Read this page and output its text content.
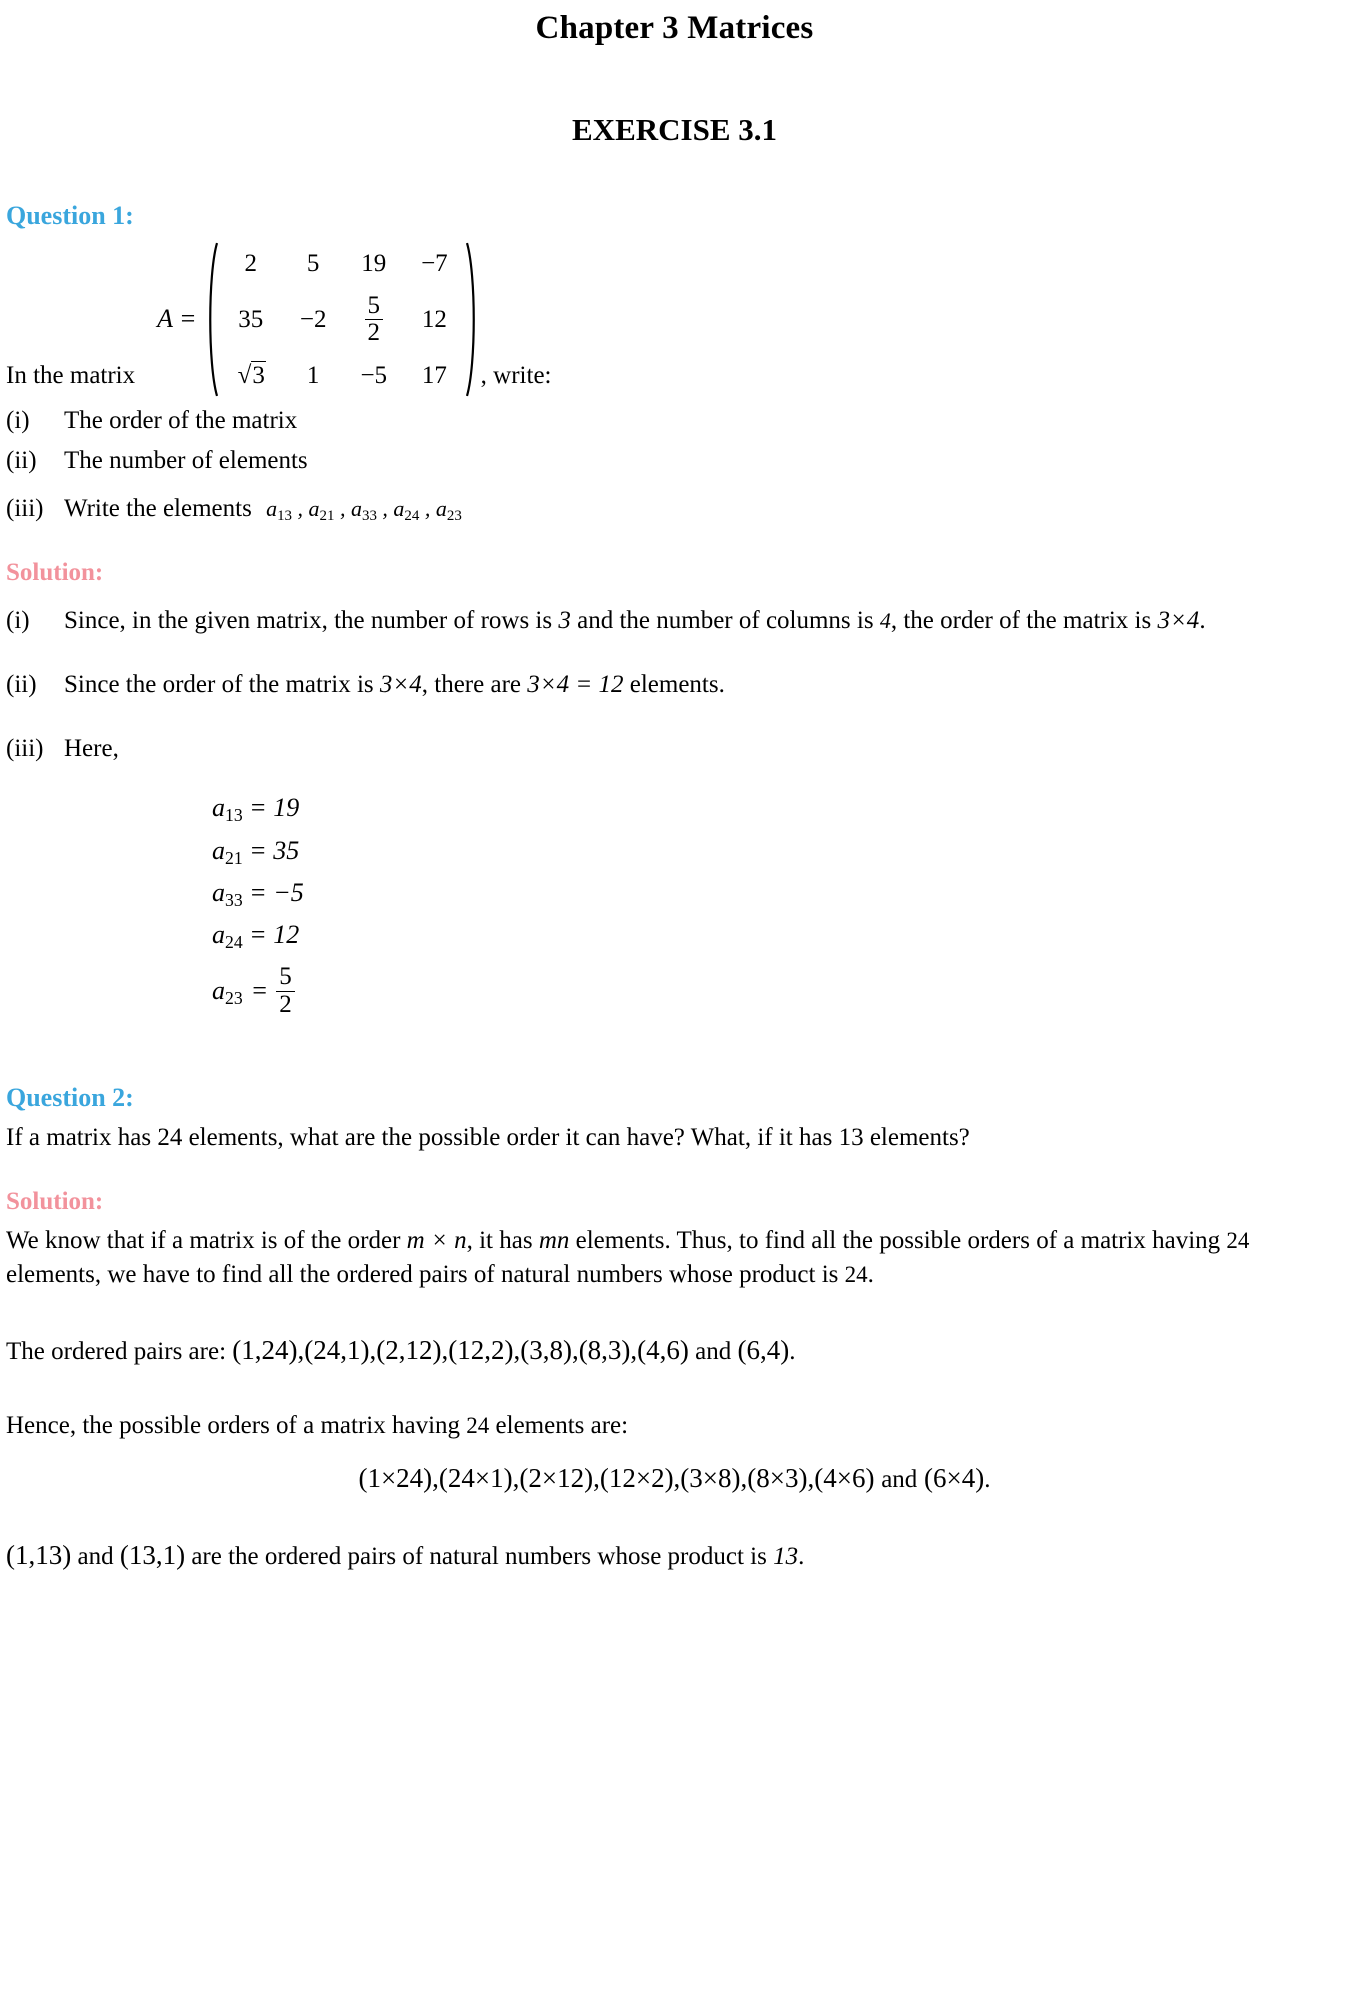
Chapter 3 Matrices
EXERCISE 3.1
Question 1:
In the matrix
A =
2	5	19	−7
35	−2	$\frac{5}{2}$	12
√3	1	−5	17 , write:
(i)	The order of the matrix
(ii)	The number of elements
(iii) Write the elements $a_{13}$ , $a_{21}$ , $a_{33}$ , $a_{24}$ , $a_{23}$
Solution:
(i)	Since, in the given matrix, the number of rows is 3 and the number of columns is 4, the order of the matrix is 3×4.
(ii)	Since the order of the matrix is 3×4, there are 3×4 = 12 elements.
(iii) Here,
$a_{13} = 19$
$a_{21} = 35$
$a_{33} = -5$
$a_{24} = 12$
$a_{23} = \frac{5}{2}$
Question 2:

If a matrix has 24 elements, what are the possible order it can have? What, if it has 13 elements?

Solution:

We know that if a matrix is of the order m × n, it has mn elements. Thus, to find all the possible orders of a matrix having 24 elements, we have to find all the ordered pairs of natural numbers whose product is 24.

The ordered pairs are: (1,24),(24,1),(2,12),(12,2),(3,8),(8,3),(4,6) and (6,4).

Hence, the possible orders of a matrix having 24 elements are:

(1×24),(24×1),(2×12),(12×2),(3×8),(8×3),(4×6) and (6×4).

(1,13) and (13,1) are the ordered pairs of natural numbers whose product is 13.
